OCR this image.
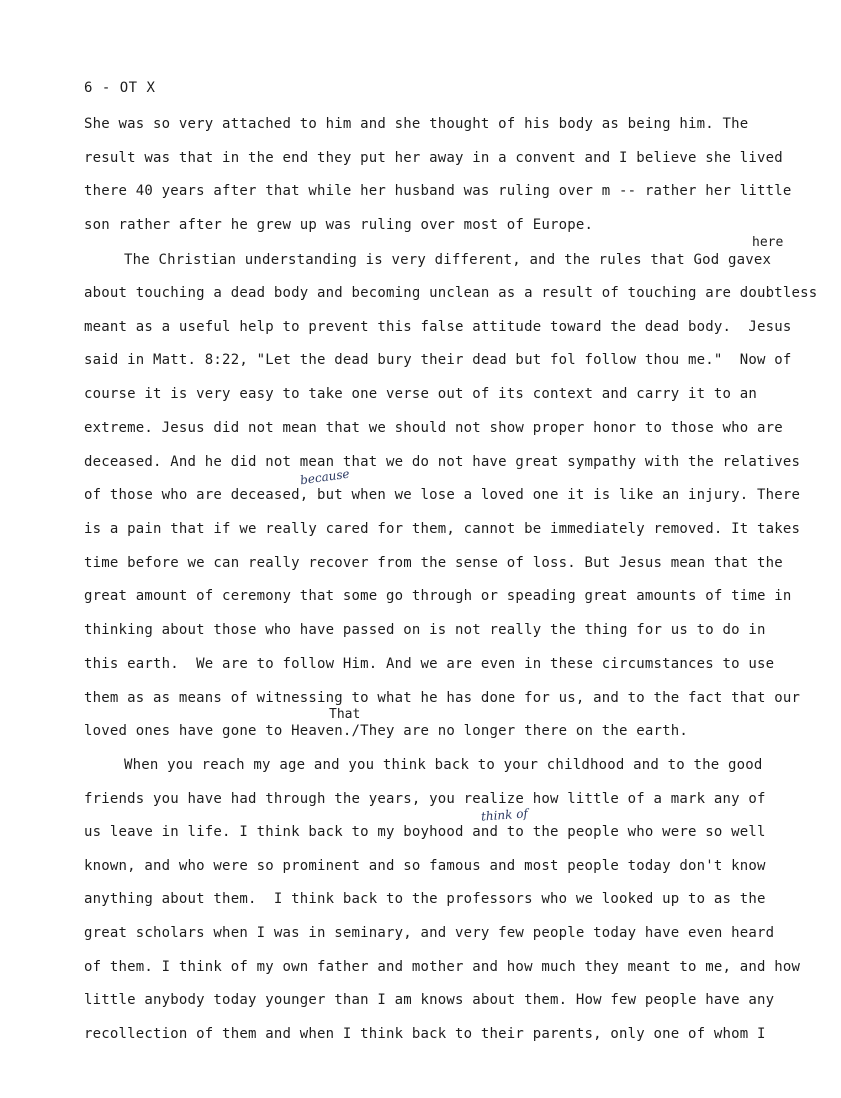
6 - OT X
She was so very attached to him and she thought of his body as being him. The
result was that in the end they put her away in a convent and I believe she lived
there 40 years after that while her husband was ruling over m -- rather her little
son rather after he grew up was ruling over most of Europe.
here
The Christian understanding is very different, and the rules that God gavex
about touching a dead body and becoming unclean as a result of touching are doubtless
meant as a useful help to prevent this false attitude toward the dead body.  Jesus
said in Matt. 8:22, "Let the dead bury their dead but fol follow thou me."  Now of
course it is very easy to take one verse out of its context and carry it to an
extreme. Jesus did not mean that we should not show proper honor to those who are
deceased. And he did not mean that we do not have great sympathy with the relatives
because
of those who are deceased, but when we lose a loved one it is like an injury. There
is a pain that if we really cared for them, cannot be immediately removed. It takes
time before we can really recover from the sense of loss. But Jesus mean that the
great amount of ceremony that some go through or speading great amounts of time in
thinking about those who have passed on is not really the thing for us to do in
this earth.  We are to follow Him. And we are even in these circumstances to use
them as as means of witnessing to what he has done for us, and to the fact that our
That
loved ones have gone to Heaven./They are no longer there on the earth.
When you reach my age and you think back to your childhood and to the good
friends you have had through the years, you realize how little of a mark any of
think of
us leave in life. I think back to my boyhood and to the people who were so well
known, and who were so prominent and so famous and most people today don't know
anything about them.  I think back to the professors who we looked up to as the
great scholars when I was in seminary, and very few people today have even heard
of them. I think of my own father and mother and how much they meant to me, and how
little anybody today younger than I am knows about them. How few people have any
recollection of them and when I think back to their parents, only one of whom I
